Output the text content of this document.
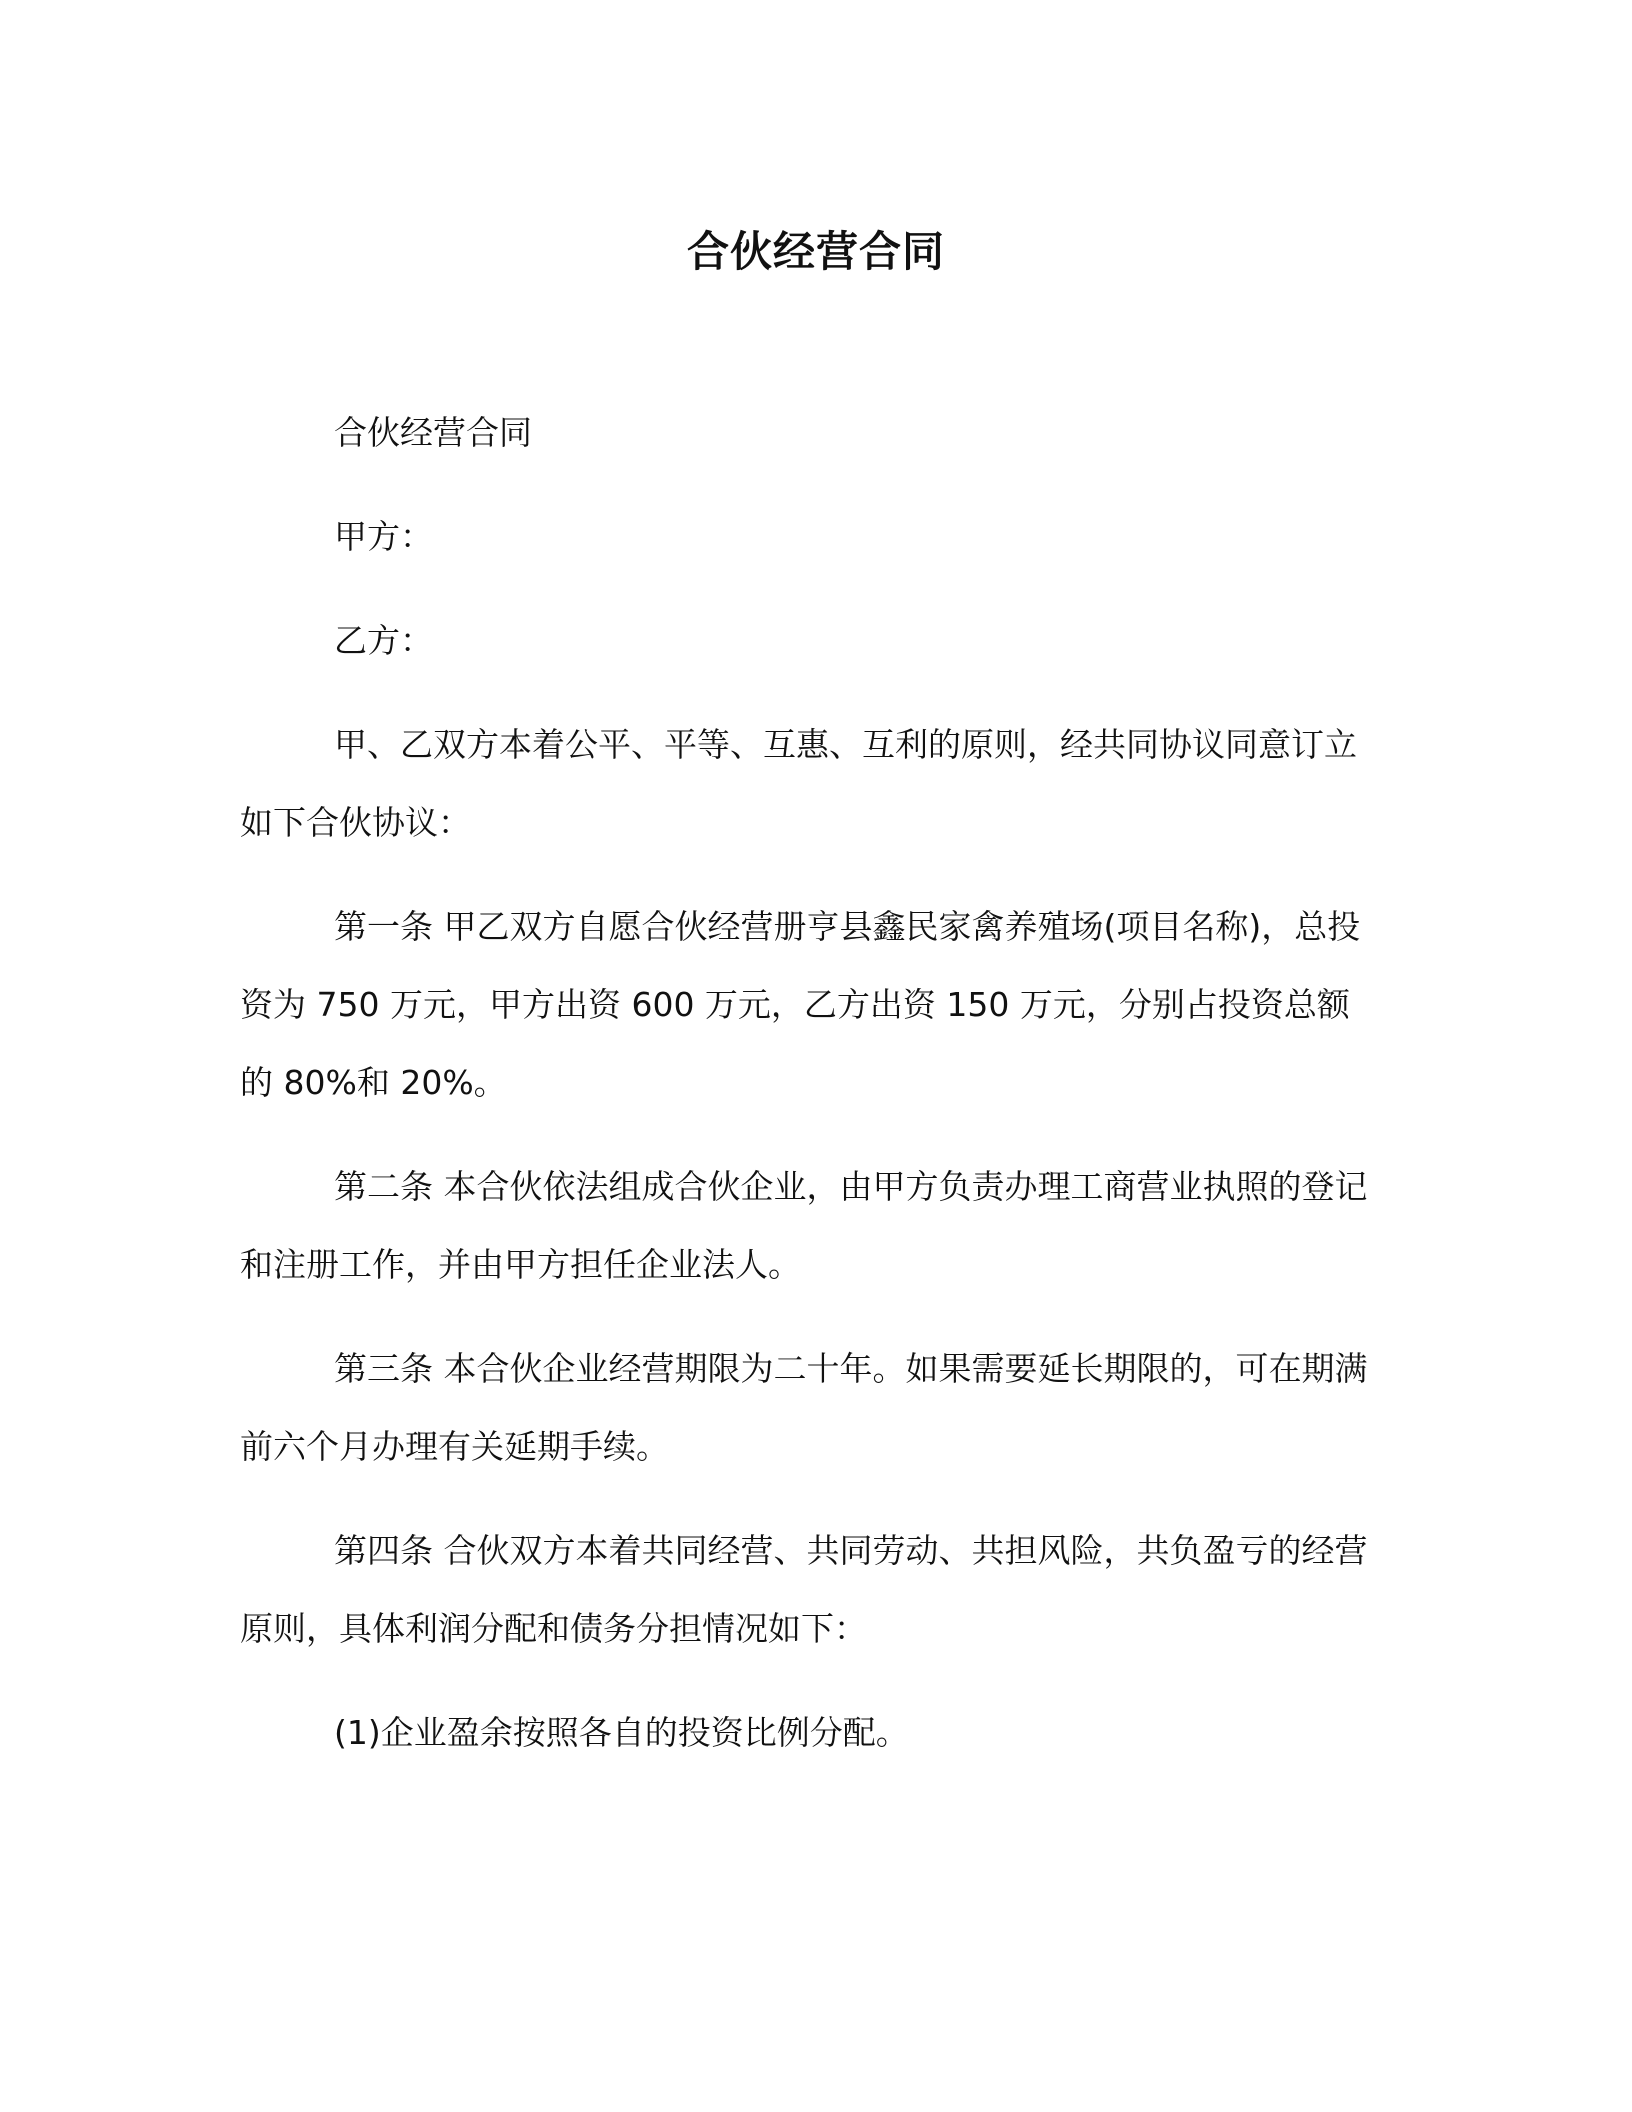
合伙经营合同

合伙经营合同

甲方：

乙方：

甲、乙双方本着公平、平等、互惠、互利的原则，经共同协议同意订立如下合伙协议：

第一条 甲乙双方自愿合伙经营册亨县鑫民家禽养殖场(项目名称)，总投资为 750 万元，甲方出资 600 万元，乙方出资 150 万元，分别占投资总额的 80%和 20%。

第二条 本合伙依法组成合伙企业，由甲方负责办理工商营业执照的登记和注册工作，并由甲方担任企业法人。

第三条 本合伙企业经营期限为二十年。如果需要延长期限的，可在期满前六个月办理有关延期手续。

第四条 合伙双方本着共同经营、共同劳动、共担风险，共负盈亏的经营原则，具体利润分配和债务分担情况如下：

(1)企业盈余按照各自的投资比例分配。
